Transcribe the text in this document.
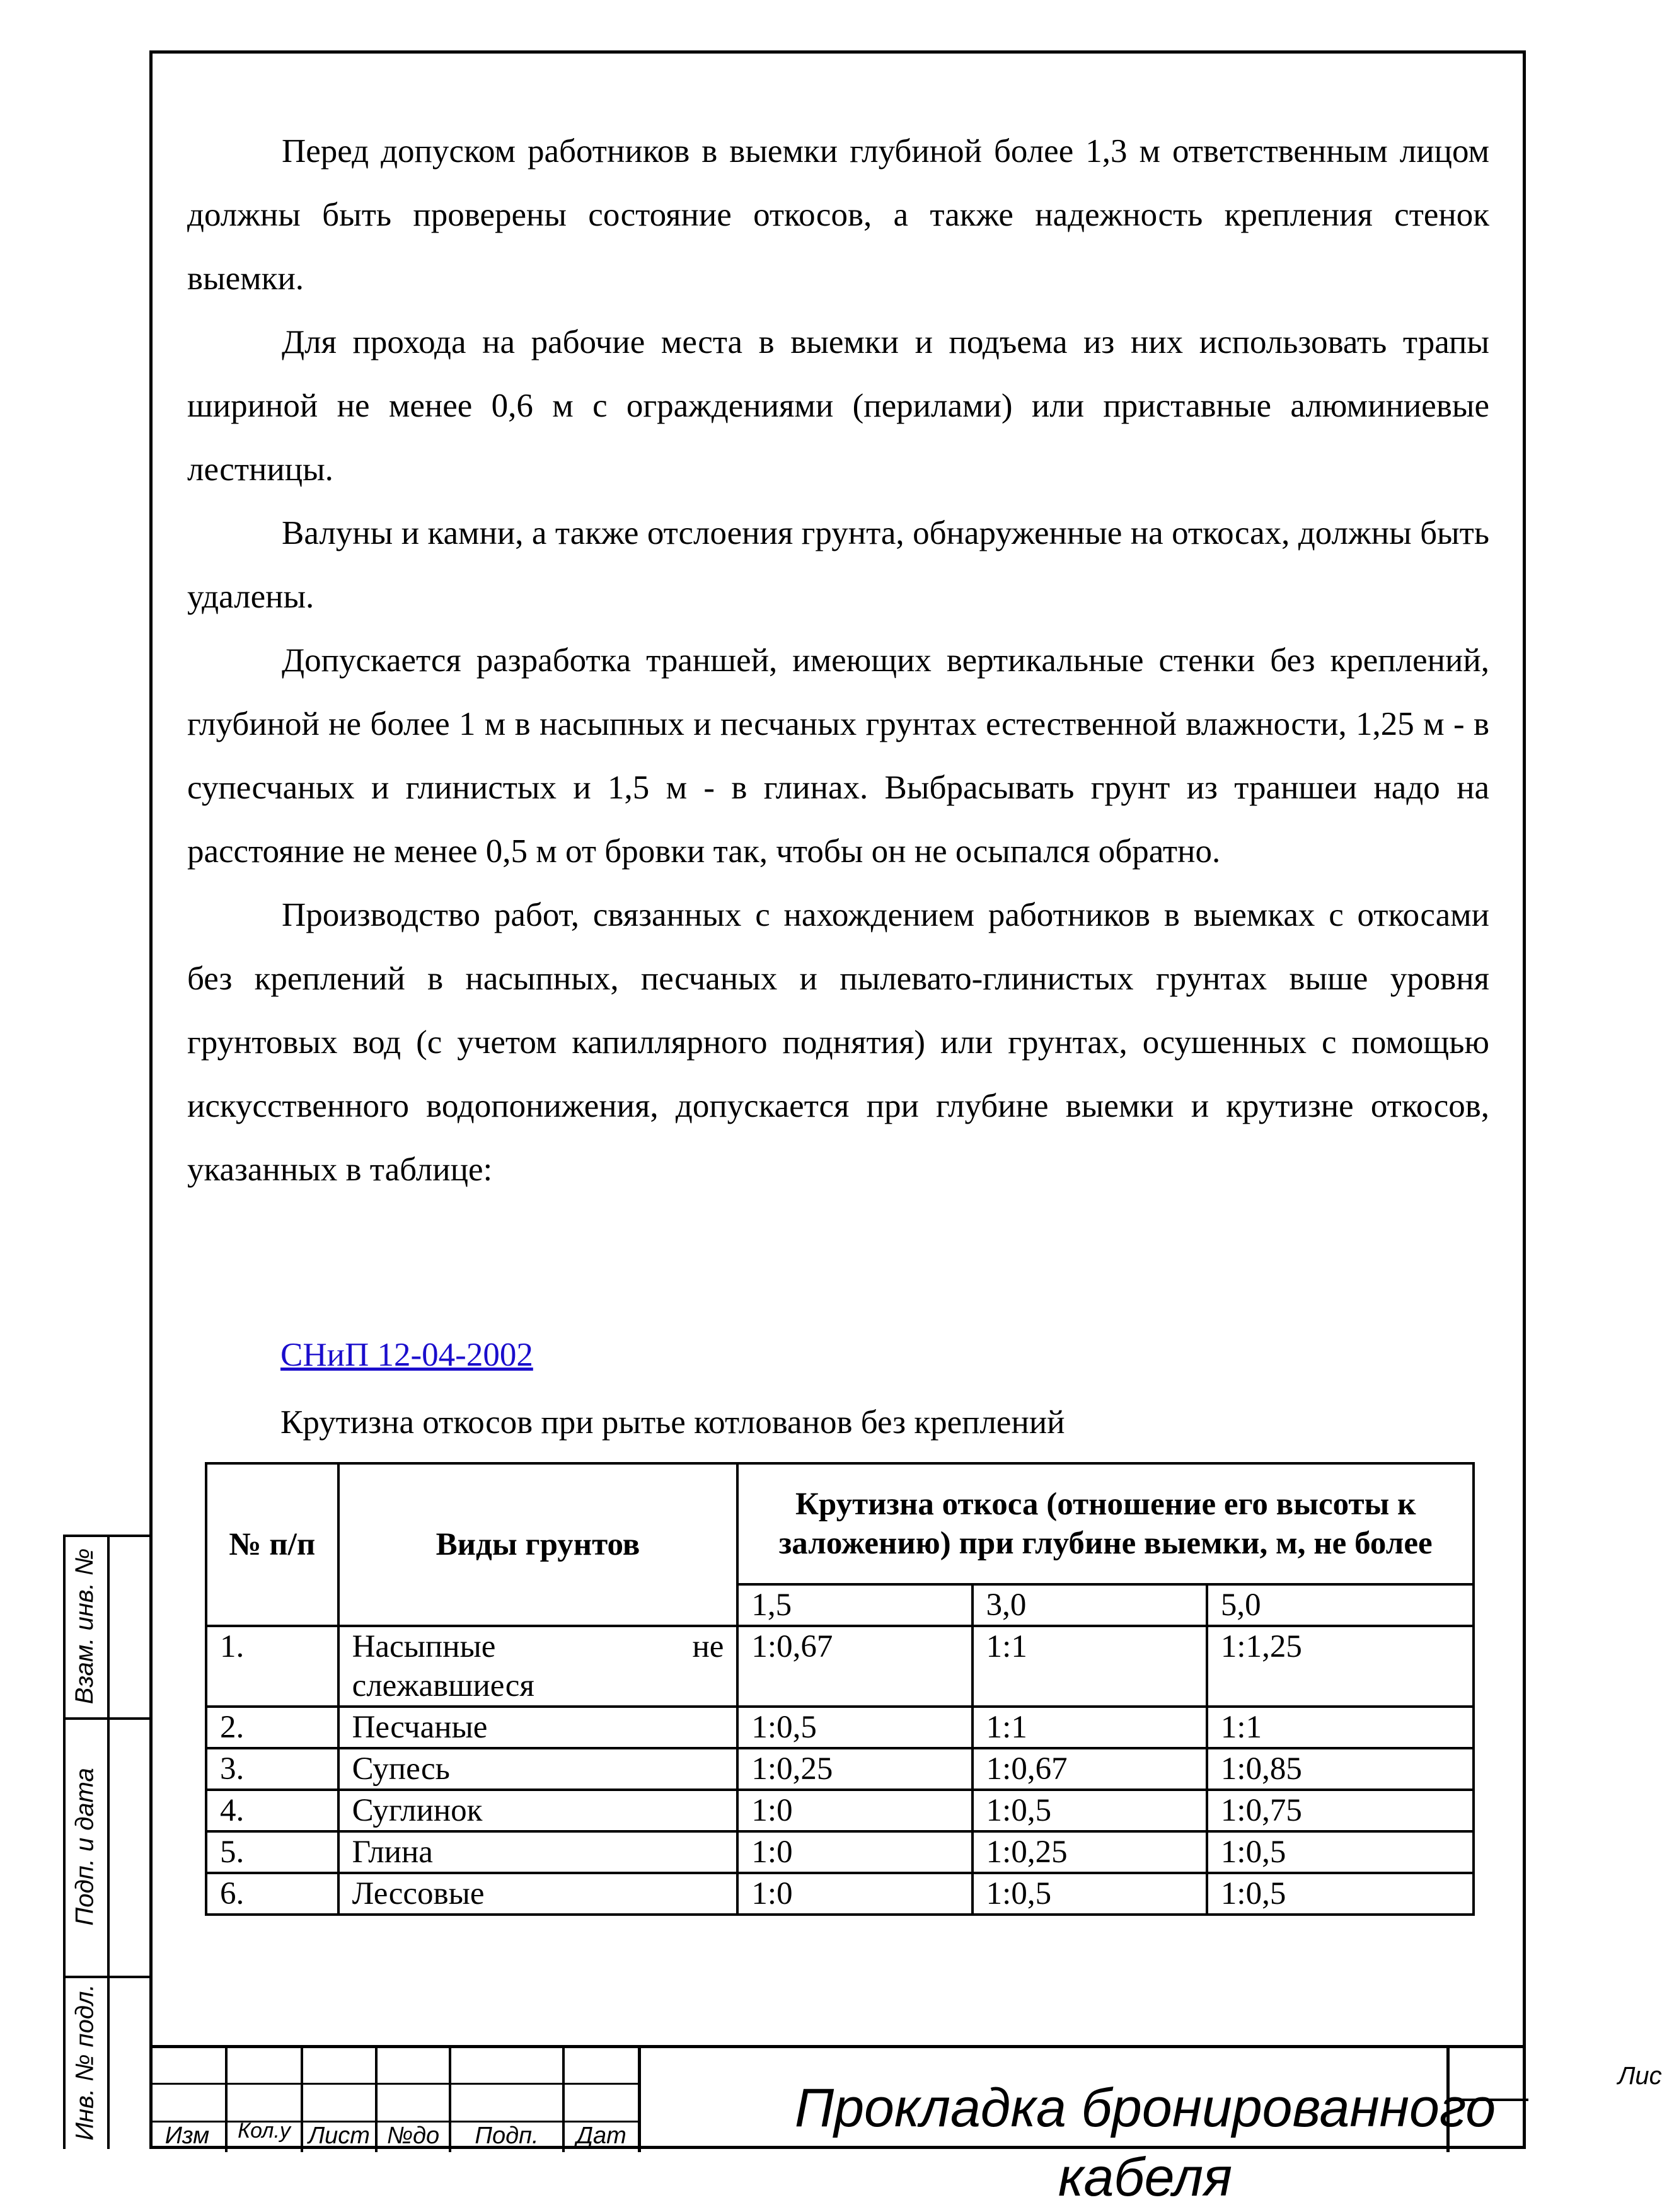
Перед допуском работников в выемки глубиной более 1,3 м ответственным лицом должны быть проверены состояние откосов, а также надежность крепления стенок выемки.

Для прохода на рабочие места в выемки и подъема из них использовать трапы шириной не менее 0,6 м с ограждениями (перилами) или приставные алюминиевые лестницы.

Валуны и камни, а также отслоения грунта, обнаруженные на откосах, должны быть удалены.

Допускается разработка траншей, имеющих вертикальные стенки без креплений, глубиной не более 1 м в насыпных и песчаных грунтах естественной влажности, 1,25 м - в супесчаных и глинистых и 1,5 м - в глинах. Выбрасывать грунт из траншеи надо на расстояние не менее 0,5 м от бровки так, чтобы он не осыпался обратно.

Производство работ, связанных с нахождением работников в выемках с откосами без креплений в насыпных, песчаных и пылевато-глинистых грунтах выше уровня грунтовых вод (с учетом капиллярного поднятия) или грунтах, осушенных с помощью искусственного водопонижения, допускается при глубине выемки и крутизне откосов, указанных в таблице:

СНиП 12-04-2002
Крутизна откосов при рытье котлованов без креплений
№ п/п	Виды грунтов	Крутизна откоса (отношение его высоты к заложению) при глубине выемки, м, не более		
		1,5	3,0	5,0
1.	Насыпные не слежавшиеся	1:0,67	1:1	1:1,25
2.	Песчаные	1:0,5	1:1	1:1
3.	Супесь	1:0,25	1:0,67	1:0,85
4.	Суглинок	1:0	1:0,5	1:0,75
5.	Глина	1:0	1:0,25	1:0,5
6.	Лессовые	1:0	1:0,5	1:0,5
Взам. инв. №
Подп. и дата
Инв. № подл.	Изм	Кол.у Лист №до	Подп.	Дат	Прокладка бронированного кабеля
Лис
